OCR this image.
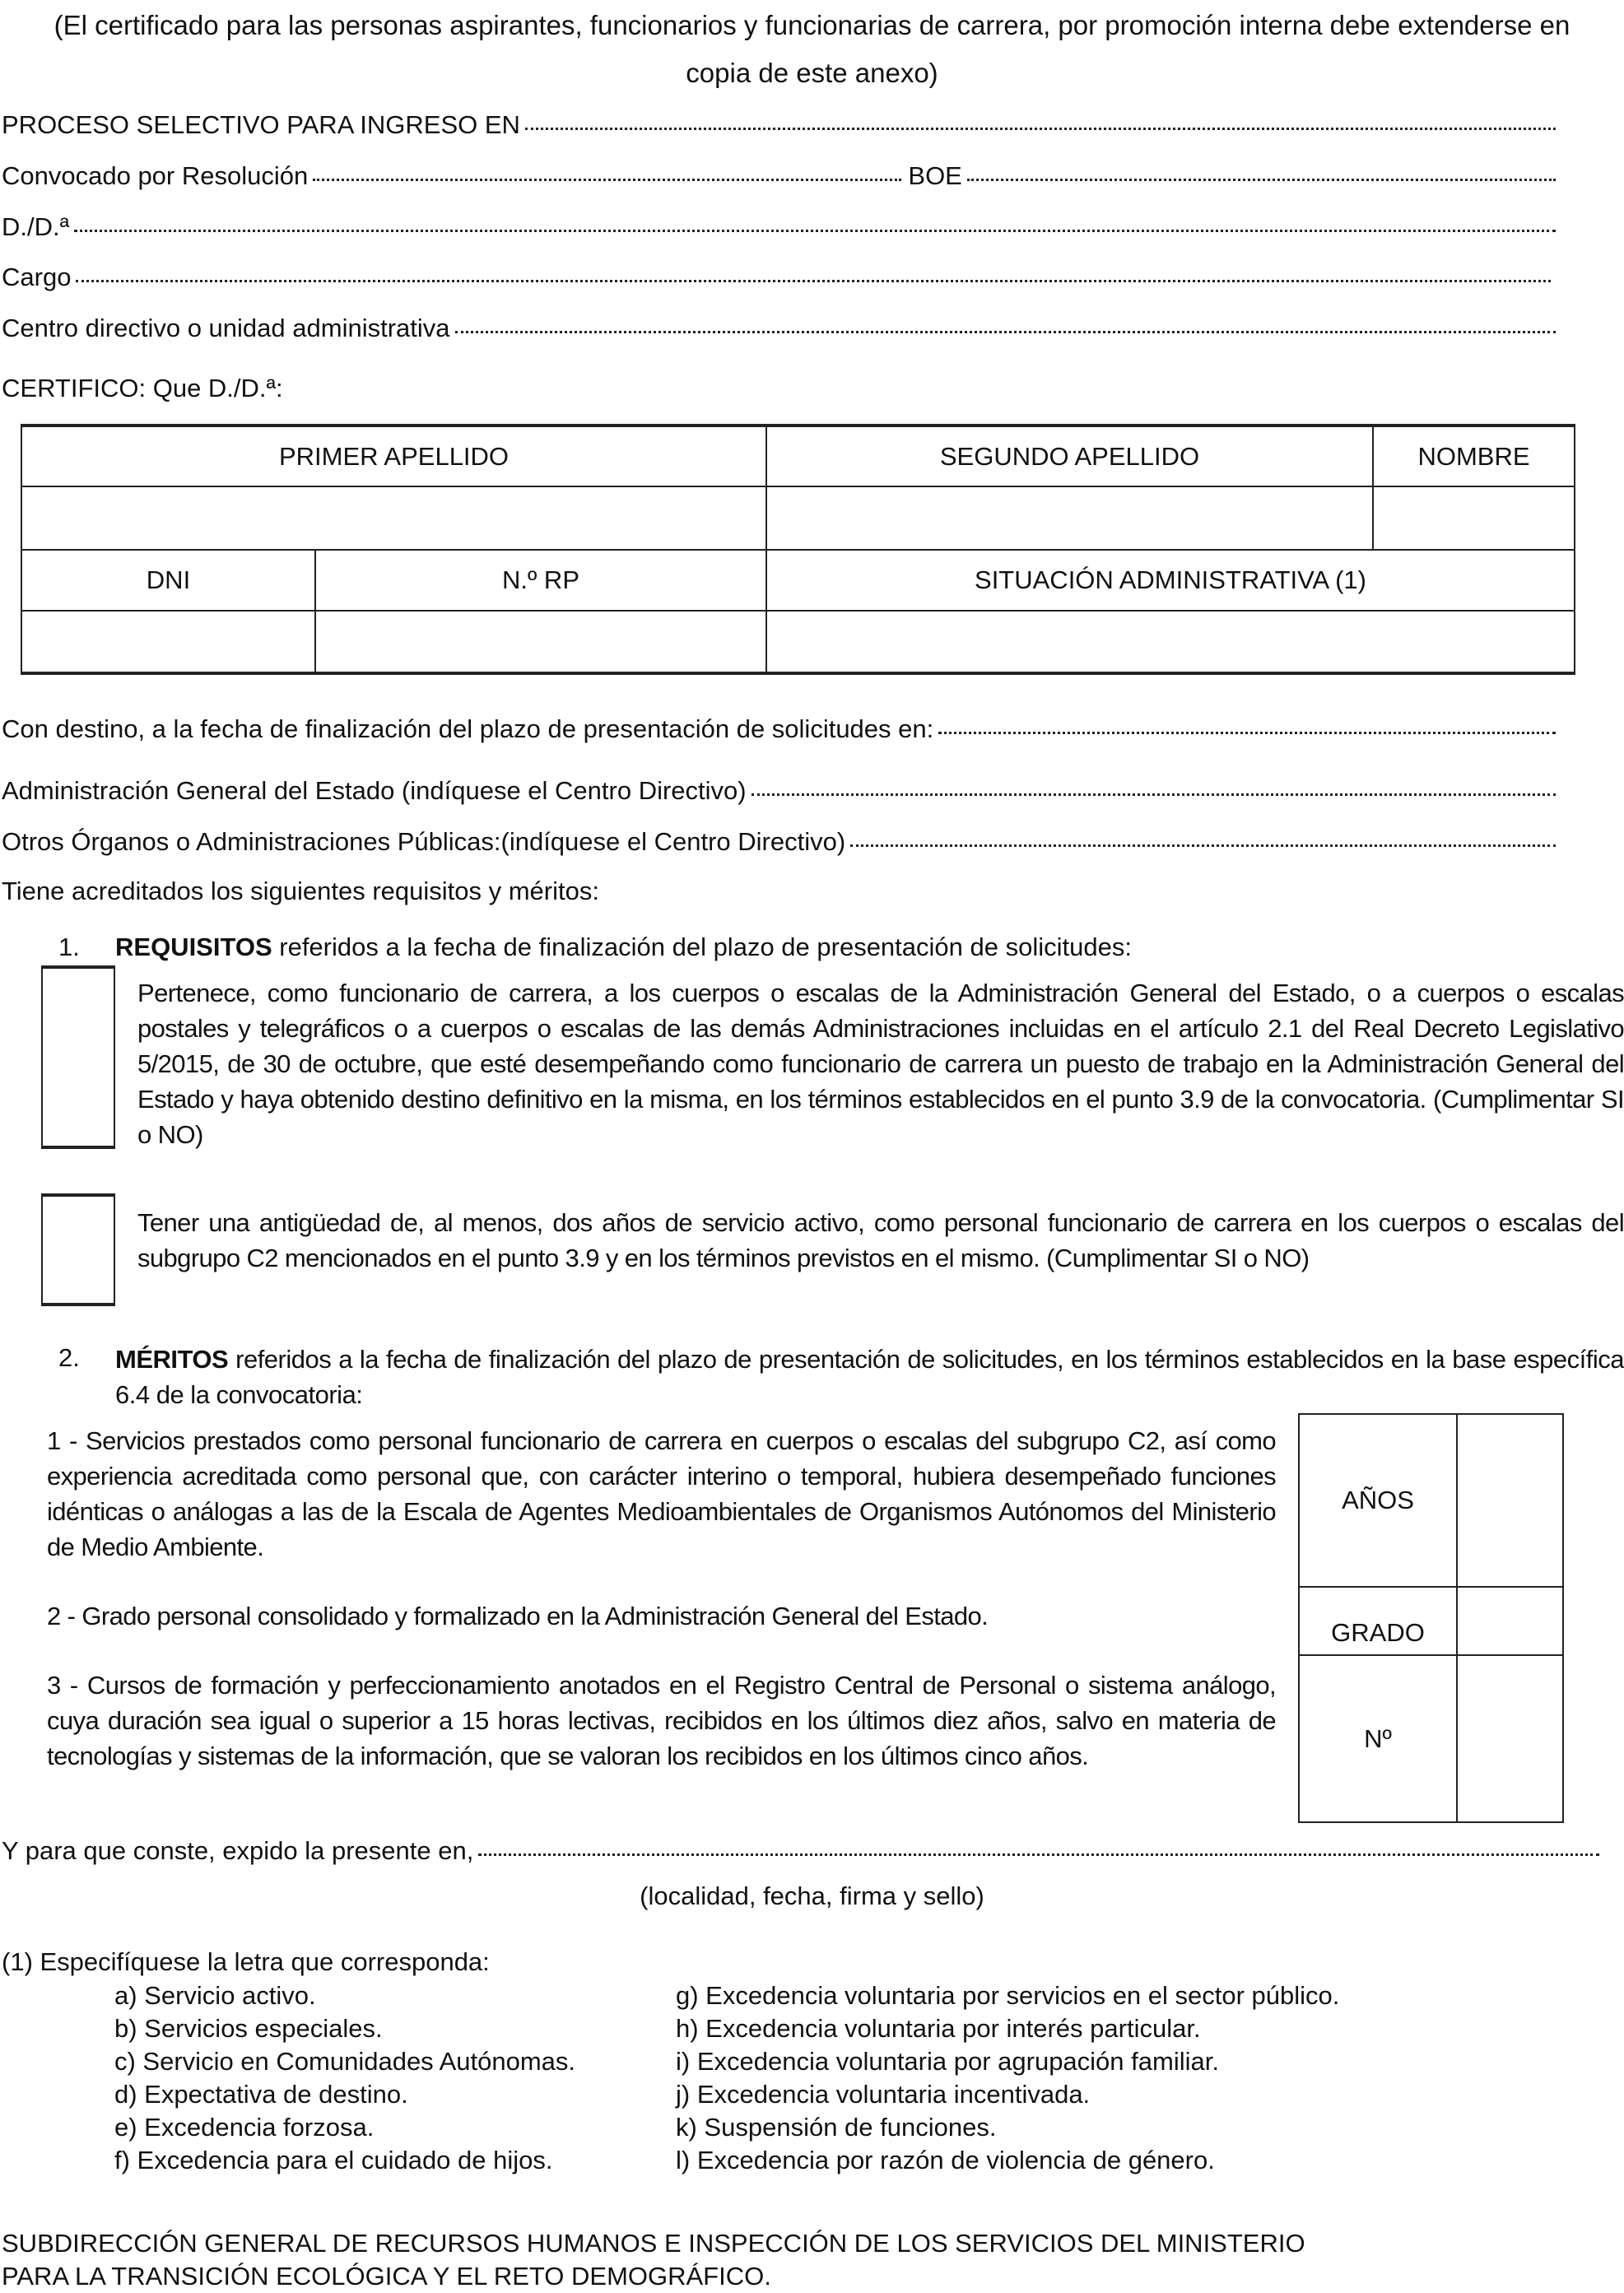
(El certificado para las personas aspirantes, funcionarios y funcionarias de carrera, por promoción interna debe extenderse en copia de este anexo)
PROCESO SELECTIVO PARA INGRESO EN
Convocado por Resolución	BOE
D./D.ª
Cargo
Centro directivo o unidad administrativa
CERTIFICO: Que D./D.ª:
PRIMER APELLIDO	SEGUNDO APELLIDO	NOMBRE
DNI	N.º RP	SITUACIÓN ADMINISTRATIVA (1)
Con destino, a la fecha de finalización del plazo de presentación de solicitudes en:
Administración General del Estado (indíquese el Centro Directivo)
Otros Órganos o Administraciones Públicas:(indíquese el Centro Directivo)
Tiene acreditados los siguientes requisitos y méritos:
1. REQUISITOS referidos a la fecha de finalización del plazo de presentación de solicitudes:
Pertenece, como funcionario de carrera, a los cuerpos o escalas de la Administración General del Estado, o a cuerpos o escalas postales y telegráficos o a cuerpos o escalas de las demás Administraciones incluidas en el artículo 2.1 del Real Decreto Legislativo 5/2015, de 30 de octubre, que esté desempeñando como funcionario de carrera un puesto de trabajo en la Administración General del Estado y haya obtenido destino definitivo en la misma, en los términos establecidos en el punto 3.9 de la convocatoria. (Cumplimentar SI o NO)
Tener una antigüedad de, al menos, dos años de servicio activo, como personal funcionario de carrera en los cuerpos o escalas del subgrupo C2 mencionados en el punto 3.9 y en los términos previstos en el mismo. (Cumplimentar SI o NO)
2. MÉRITOS referidos a la fecha de finalización del plazo de presentación de solicitudes, en los términos establecidos en la base específica 6.4 de la convocatoria:
1 - Servicios prestados como personal funcionario de carrera en cuerpos o escalas del subgrupo C2, así como experiencia acreditada como personal que, con carácter interino o temporal, hubiera desempeñado funciones idénticas o análogas a las de la Escala de Agentes Medioambientales de Organismos Autónomos del Ministerio de Medio Ambiente.
2 - Grado personal consolidado y formalizado en la Administración General del Estado.
3 - Cursos de formación y perfeccionamiento anotados en el Registro Central de Personal o sistema análogo, cuya duración sea igual o superior a 15 horas lectivas, recibidos en los últimos diez años, salvo en materia de tecnologías y sistemas de la información, que se valoran los recibidos en los últimos cinco años.
AÑOS
GRADO
Nº
Y para que conste, expido la presente en,
(localidad, fecha, firma y sello)
(1) Especifíquese la letra que corresponda:
a) Servicio activo.
b) Servicios especiales.
c) Servicio en Comunidades Autónomas.
d) Expectativa de destino.
e) Excedencia forzosa.
f) Excedencia para el cuidado de hijos.
g) Excedencia voluntaria por servicios en el sector público.
h) Excedencia voluntaria por interés particular.
i) Excedencia voluntaria por agrupación familiar.
j) Excedencia voluntaria incentivada.
k) Suspensión de funciones.
l) Excedencia por razón de violencia de género.
SUBDIRECCIÓN GENERAL DE RECURSOS HUMANOS E INSPECCIÓN DE LOS SERVICIOS DEL MINISTERIO
PARA LA TRANSICIÓN ECOLÓGICA Y EL RETO DEMOGRÁFICO.
